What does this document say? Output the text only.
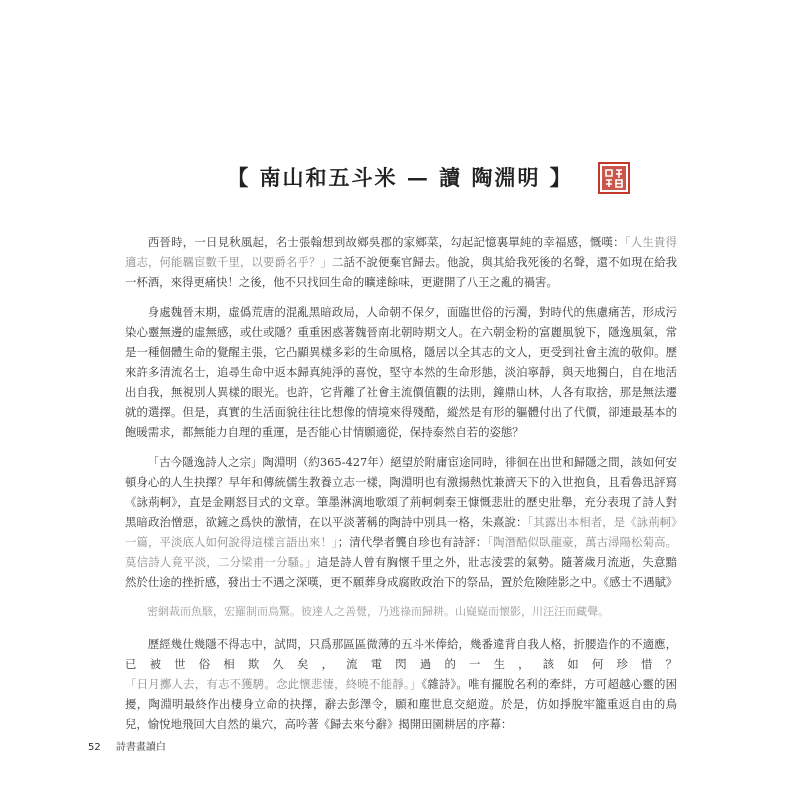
【 南山和五斗米 — 讀 陶淵明 】

西晉時，一日見秋風起，名士張翰想到故鄉吳郡的家鄉菜，勾起記憶裏單純的幸福感，慨嘆：「人生貴得適志，何能羈宦數千里，以要爵名乎？」二話不說便棄官歸去。他說，與其給我死後的名聲，還不如現在給我一杯酒，來得更痛快！之後，他不只找回生命的曠達餘味，更避開了八王之亂的禍害。

身處魏晉末期，虛僞荒唐的混亂黑暗政局，人命朝不保夕，面臨世俗的污濁，對時代的焦慮痛苦，形成污染心靈無邊的虛無感，或仕或隱？重重困惑著魏晉南北朝時期文人。在六朝金粉的富麗風貌下，隱逸風氣，常是一種個體生命的覺醒主張，它凸顯異樣多彩的生命風格，隱居以全其志的文人，更受到社會主流的敬仰。歷來許多清流名士，追尋生命中返本歸真純淨的喜悅，堅守本然的生命形態，淡泊寧靜，與天地獨白，自在地活出自我，無視別人異樣的眼光。也許，它背離了社會主流價值觀的法則，鐘鼎山林，人各有取捨，那是無法遷就的選擇。但是，真實的生活面貌往往比想像的情境來得殘酷，縱然是有形的軀體付出了代價，卻連最基本的飽暖需求，都無能力自理的重運，是否能心甘情願適從，保持泰然自若的姿態？

「古今隱逸詩人之宗」陶淵明（約365-427年）絕望於附庸宦途同時，徘徊在出世和歸隱之間，該如何安頓身心的人生抉擇？早年和傳統儒生教養立志一樣，陶淵明也有激揚熱忱兼濟天下的入世抱負，且看魯迅評寫《詠荊軻》，直是金剛怒目式的文章。筆墨淋漓地歌頌了荊軻刺秦王慷慨悲壯的歷史壯舉，充分表現了詩人對黑暗政治憎惡，欲鏟之爲快的激情，在以平淡著稱的陶詩中別具一格，朱熹說：「其露出本相者，是《詠荊軻》一篇，平淡底人如何說得這樣言語出來！」；清代學者龔自珍也有詩評：「陶潛酷似臥龍豪，萬古潯陽松菊高。莫信詩人竟平淡，二分梁甫一分騷。」這是詩人曾有胸懷千里之外，壯志淩雲的氣勢。隨著歲月流逝，失意黯然於仕途的挫折感，發出士不遇之深嘆，更不願葬身成腐敗政治下的祭品，置於危險陸影之中。《感士不遇賦》

密網裁而魚駭，宏羅制而鳥驚。彼達人之善覺，乃逃祿而歸耕。山嶷嶷而懷影，川汪汪而藏聲。

歷經幾仕幾隱不得志中，試問，只爲那區區微薄的五斗米俸給，幾番違背自我人格，折腰造作的不適應，已被世俗相欺久矣，流電閃過的一生，該如何珍惜？「日月擲人去，有志不獲騁。念此懷悲悽，終曉不能靜。」《雜詩》。唯有擺脫名利的牽絆，方可超越心靈的困擾，陶淵明最終作出棲身立命的抉擇，辭去彭澤令，願和塵世息交絕遊。於是，仿如掙脫牢籠重返自由的鳥兒，愉悅地飛回大自然的巢穴，高吟著《歸去來兮辭》揭開田園耕居的序幕：

52 詩書畫讀白
